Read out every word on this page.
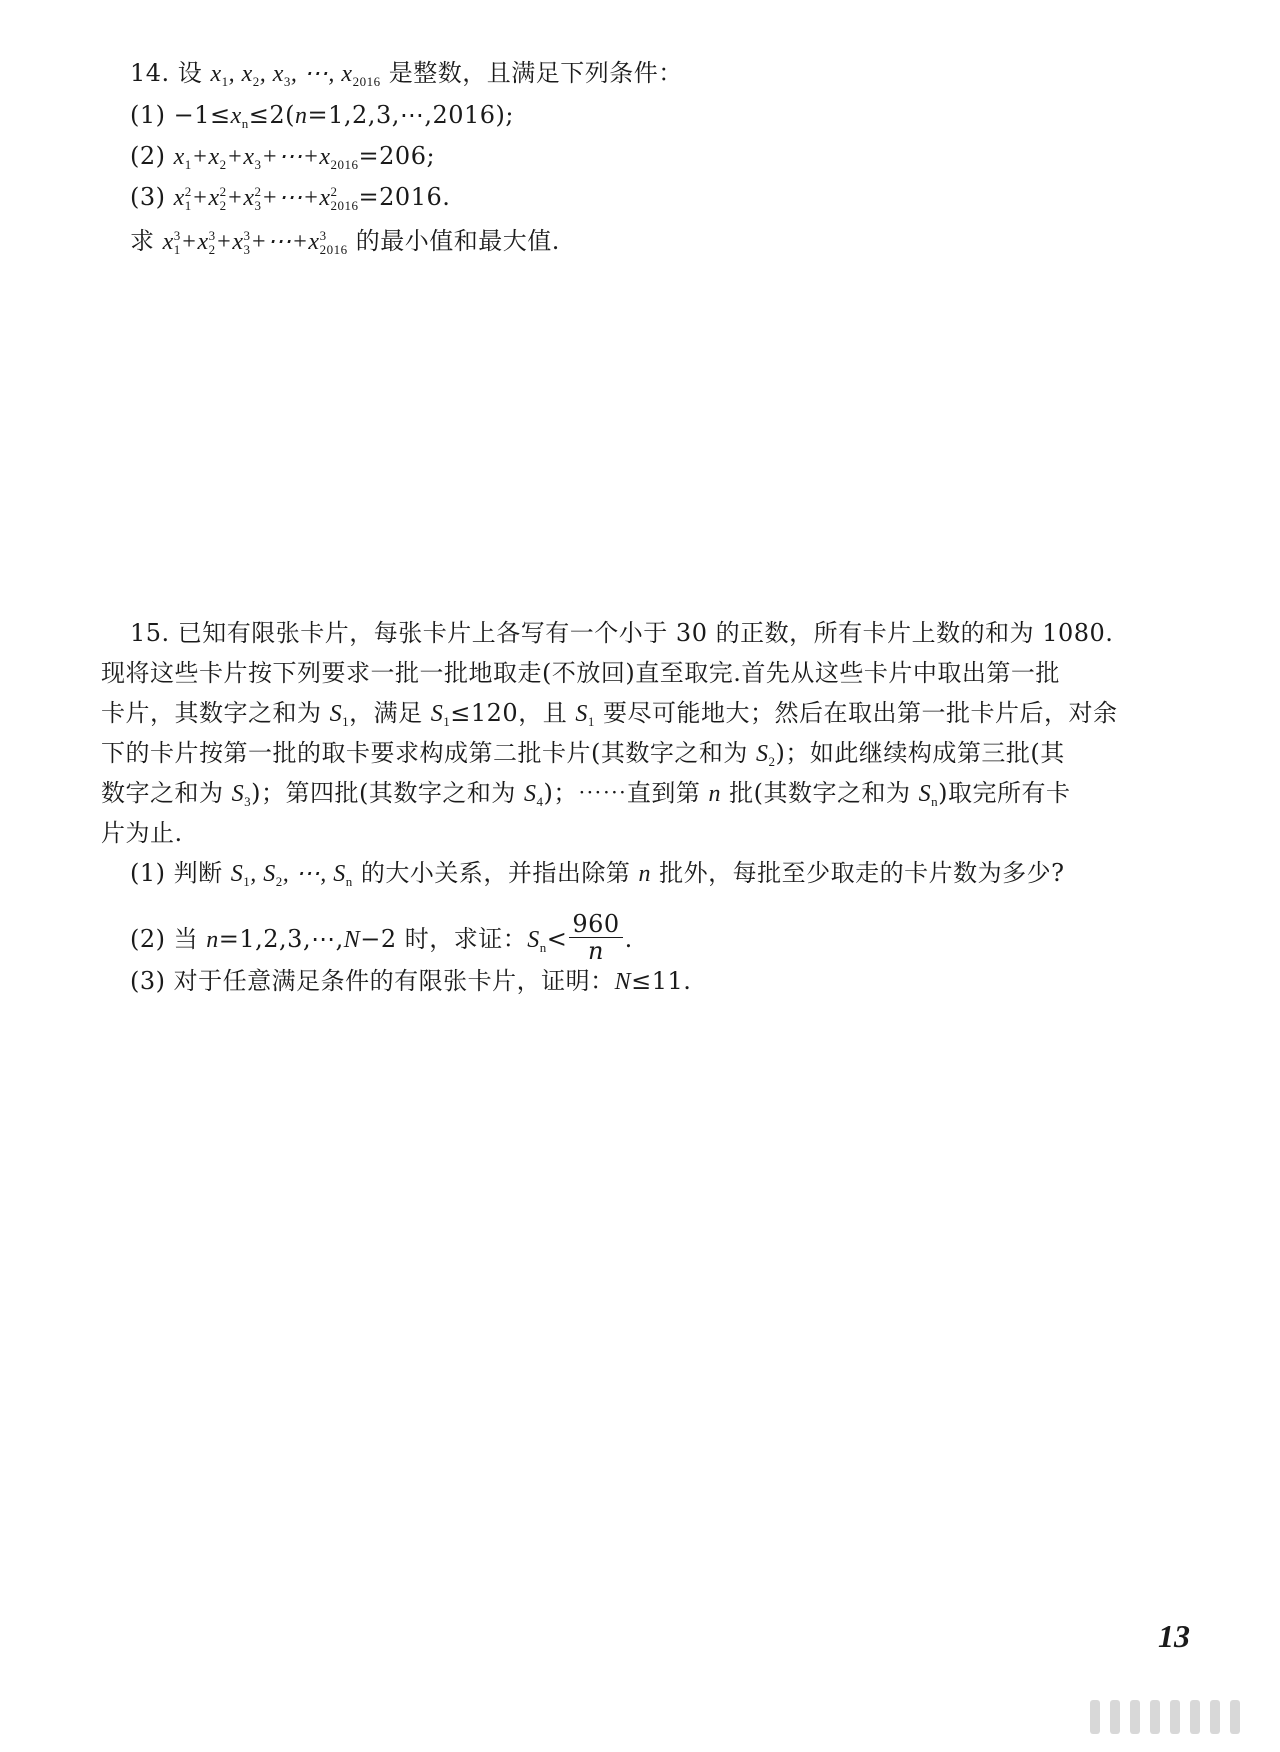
14. 设 $x_1$, $x_2$, $x_3$, ⋯, $x_{2016}$ 是整数，且满足下列条件：
$(1) -1\le x_n\le 2(n=1,2,3,\cdots,2016)$;
(2) $x_1+x_2+x_3+\cdots+x_{2016}=206$;
(3) $x^2_1+x^2_2+x^2_3+\cdots+x^2_{2016}=2016$.
求 $x^3_1+x^3_2+x^3_3+\cdots+x^3_{2016}$ 的最小值和最大值.
15. 已知有限张卡片，每张卡片上各写有一个小于 30 的正数，所有卡片上数的和为 1080.
现将这些卡片按下列要求一批一批地取走(不放回)直至取完.首先从这些卡片中取出第一批
卡片，其数字之和为 $S_1$，满足 $S_1\le 120$，且 $S_1$ 要尽可能地大；然后在取出第一批卡片后，对余
下的卡片按第一批的取卡要求构成第二批卡片(其数字之和为 $S_2$)；如此继续构成第三批(其
数字之和为 $S_3$)；第四批(其数字之和为 $S_4$)；⋯⋯直到第 n 批(其数字之和为 $S_n$)取完所有卡
片为止.
(1) 判断 $S_1$, $S_2$, ⋯, $S_n$ 的大小关系，并指出除第 n 批外，每批至少取走的卡片数为多少?
(2) 当 n=1,2,3,⋯,N−2 时，求证：$S_n< \frac{960}{n}$ .
(3) 对于任意满足条件的有限张卡片，证明：N≤11.
13
